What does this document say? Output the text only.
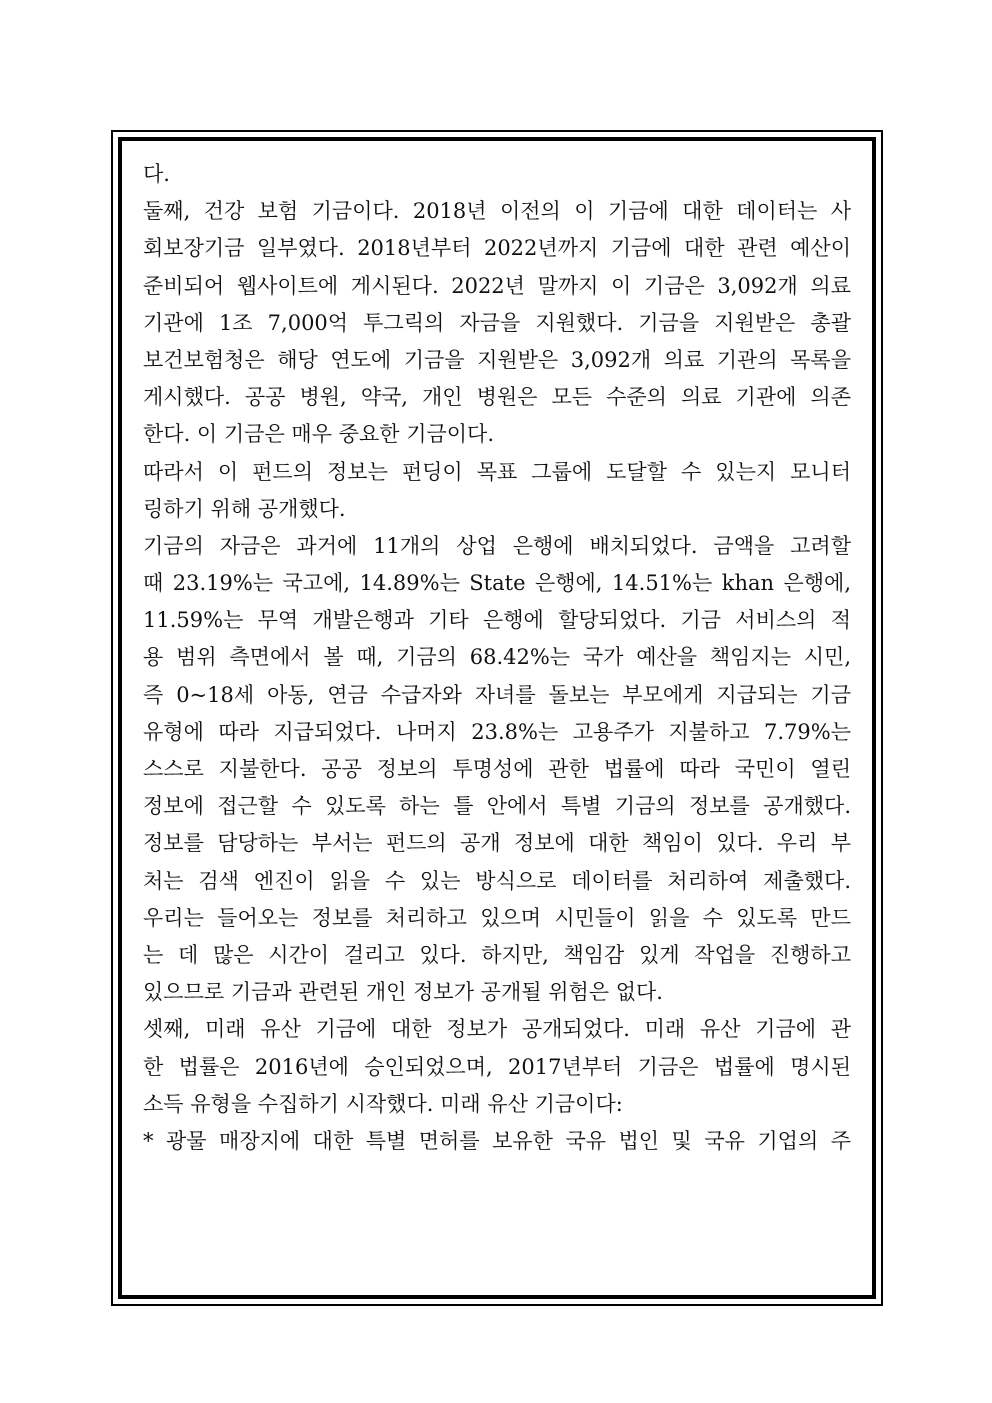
다.
둘째, 건강 보험 기금이다. 2018년 이전의 이 기금에 대한 데이터는 사
회보장기금 일부였다. 2018년부터 2022년까지 기금에 대한 관련 예산이
준비되어 웹사이트에 게시된다. 2022년 말까지 이 기금은 3,092개 의료
기관에 1조 7,000억 투그릭의 자금을 지원했다. 기금을 지원받은 총괄
보건보험청은 해당 연도에 기금을 지원받은 3,092개 의료 기관의 목록을
게시했다. 공공 병원, 약국, 개인 병원은 모든 수준의 의료 기관에 의존
한다. 이 기금은 매우 중요한 기금이다.
따라서 이 펀드의 정보는 펀딩이 목표 그룹에 도달할 수 있는지 모니터
링하기 위해 공개했다.
기금의 자금은 과거에 11개의 상업 은행에 배치되었다. 금액을 고려할
때 23.19%는 국고에, 14.89%는 State 은행에, 14.51%는 khan 은행에,
11.59%는 무역 개발은행과 기타 은행에 할당되었다. 기금 서비스의 적
용 범위 측면에서 볼 때, 기금의 68.42%는 국가 예산을 책임지는 시민,
즉 0~18세 아동, 연금 수급자와 자녀를 돌보는 부모에게 지급되는 기금
유형에 따라 지급되었다. 나머지 23.8%는 고용주가 지불하고 7.79%는
스스로 지불한다. 공공 정보의 투명성에 관한 법률에 따라 국민이 열린
정보에 접근할 수 있도록 하는 틀 안에서 특별 기금의 정보를 공개했다.
정보를 담당하는 부서는 펀드의 공개 정보에 대한 책임이 있다. 우리 부
처는 검색 엔진이 읽을 수 있는 방식으로 데이터를 처리하여 제출했다.
우리는 들어오는 정보를 처리하고 있으며 시민들이 읽을 수 있도록 만드
는 데 많은 시간이 걸리고 있다. 하지만, 책임감 있게 작업을 진행하고
있으므로 기금과 관련된 개인 정보가 공개될 위험은 없다.
셋째, 미래 유산 기금에 대한 정보가 공개되었다. 미래 유산 기금에 관
한 법률은 2016년에 승인되었으며, 2017년부터 기금은 법률에 명시된
소득 유형을 수집하기 시작했다. 미래 유산 기금이다:
* 광물 매장지에 대한 특별 면허를 보유한 국유 법인 및 국유 기업의 주
